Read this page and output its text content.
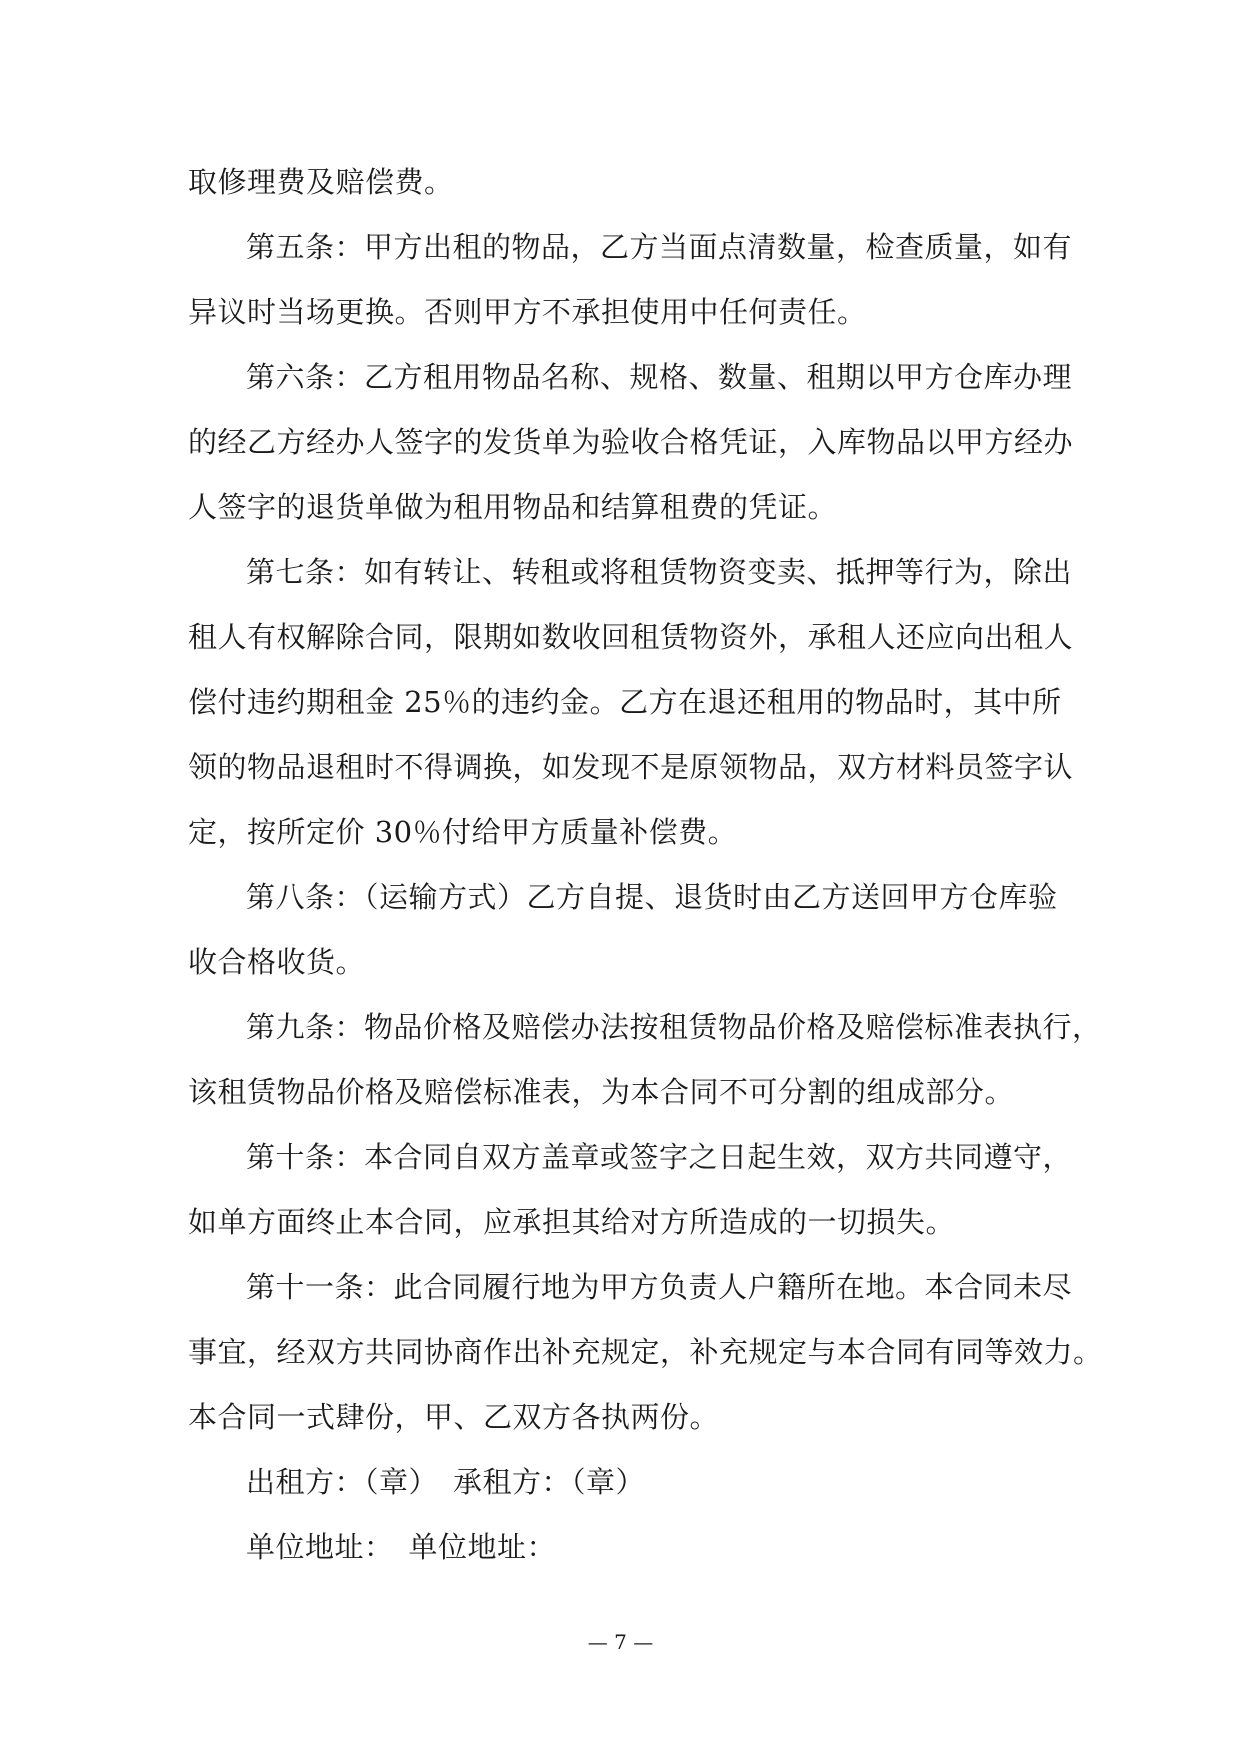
取修理费及赔偿费。
第五条：甲方出租的物品，乙方当面点清数量，检查质量，如有
异议时当场更换。否则甲方不承担使用中任何责任。
第六条：乙方租用物品名称、规格、数量、租期以甲方仓库办理
的经乙方经办人签字的发货单为验收合格凭证，入库物品以甲方经办
人签字的退货单做为租用物品和结算租费的凭证。
第七条：如有转让、转租或将租赁物资变卖、抵押等行为，除出
租人有权解除合同，限期如数收回租赁物资外，承租人还应向出租人
偿付违约期租金 25％的违约金。乙方在退还租用的物品时，其中所
领的物品退租时不得调换，如发现不是原领物品，双方材料员签字认
定，按所定价 30％付给甲方质量补偿费。
第八条：（运输方式）乙方自提、退货时由乙方送回甲方仓库验
收合格收货。
第九条：物品价格及赔偿办法按租赁物品价格及赔偿标准表执行，
该租赁物品价格及赔偿标准表，为本合同不可分割的组成部分。
第十条：本合同自双方盖章或签字之日起生效，双方共同遵守，
如单方面终止本合同，应承担其给对方所造成的一切损失。
第十一条：此合同履行地为甲方负责人户籍所在地。本合同未尽
事宜，经双方共同协商作出补充规定，补充规定与本合同有同等效力。
本合同一式肆份，甲、乙双方各执两份。
出租方：（章）　承租方：（章）
单位地址：　单位地址：
— 7 —
